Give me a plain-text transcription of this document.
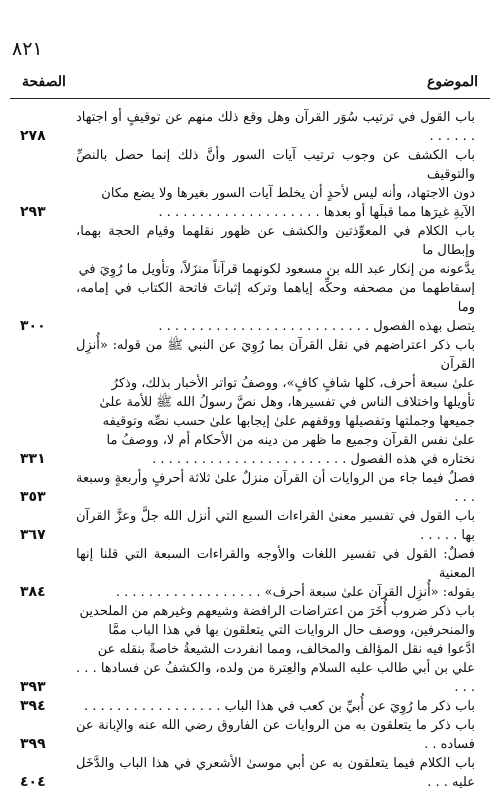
٨٢١
الموضوع
الصفحة
٢٧٨
باب القول في ترتيب سُوَر القرآن وهل وقع ذلك منهم عن توقيفٍ أو اجتهاد . . . . . .
٢٩٣
باب الكشف عن وجوب ترتيب آيات السور وأنَّ ذلك إنما حصل بالنصِّ والتوقيف
دون الاجتهاد، وأنه ليس لأحدٍ أن يخلط آيات السور بغيرها ولا يضع مكان
الآيةِ غيرَها مما قبلَها أو بعدها . . . . . . . . . . . . . . . . . . . .
٣٠٠
باب الكلام في المعوِّذتين والكشف عن ظهور نقلهما وقيام الحجة بهما، وإبطال ما
يدَّعونه من إنكار عبد الله بن مسعود لكونهما قرآناً منزَلاً، وتأويل ما رُوِيَ في
إسقاطهما من مصحفه وحكِّه إياهما وتركه إثباتَ فاتحة الكتاب في إمامه، وما
يتصل بهذه الفصول . . . . . . . . . . . . . . . . . . . . . . . . . .
٣٣١
باب ذكر اعتراضهم في نقل القرآن بما رُوِيَ عن النبي ﷺ من قوله: «أُنزِل القرآن
علىٰ سبعة أحرف، كلها شافٍ كافٍ»، ووصفُ تواتر الأخبار بذلك، وذكرُ
تأويلها واختلاف الناس في تفسيرها، وهل نصَّ رسولُ الله ﷺ للأمة علىٰ
جميعها وجملتها وتفصيلها ووقفهم علىٰ إيجابها علىٰ حسب نصِّه وتوقيفه
علىٰ نفس القرآن وجميع ما ظهر من دينه من الأحكام أم لا، ووصفُ ما
نختاره في هذه الفصول . . . . . . . . . . . . . . . . . . . . . . . .
٣٥٣
فصلٌ فيما جاء من الروايات أن القرآن منزلٌ علىٰ ثلاثة أحرفٍ وأربعةٍ وسبعة . . .
٣٦٧
باب القول في تفسير معنىٰ القراءات السبع التي أنزل الله جلَّ وعزَّ القرآن بها . . . . .
٣٨٤
فصلٌ: القول في تفسير اللغات والأوجه والقراءات السبعة التي قلنا إنها المعنية
بقوله: «أُنزِل القرآن علىٰ سبعة أحرف» . . . . . . . . . . . . . . . . . .
٣٩٣
باب ذكر ضروب أُخَرَ من اعتراضات الرافضة وشيعهم وغيرهم من الملحدين
والمنحرفين، ووصف حال الروايات التي يتعلقون بها في هذا الباب ممَّا
ادَّعوا فيه نقل المؤالف والمخالف، ومما انفردت الشيعةُ خاصةً بنقله عن
علي بن أبي طالب عليه السلام والعِترة من ولده، والكشفُ عن فسادها . . . . . .
٣٩٤	باب ذكر ما رُوِيَ عن أُبيِّ بن كعب في هذا الباب . . . . . . . . . . . . . . . . .
٣٩٩
باب ذكر ما يتعلقون به من الروايات عن الفاروق رضي الله عنه والإبانة عن فساده . .
٤٠٤
باب الكلام فيما يتعلقون به عن أبي موسىٰ الأشعري في هذا الباب والدَّخَل عليه . . .
